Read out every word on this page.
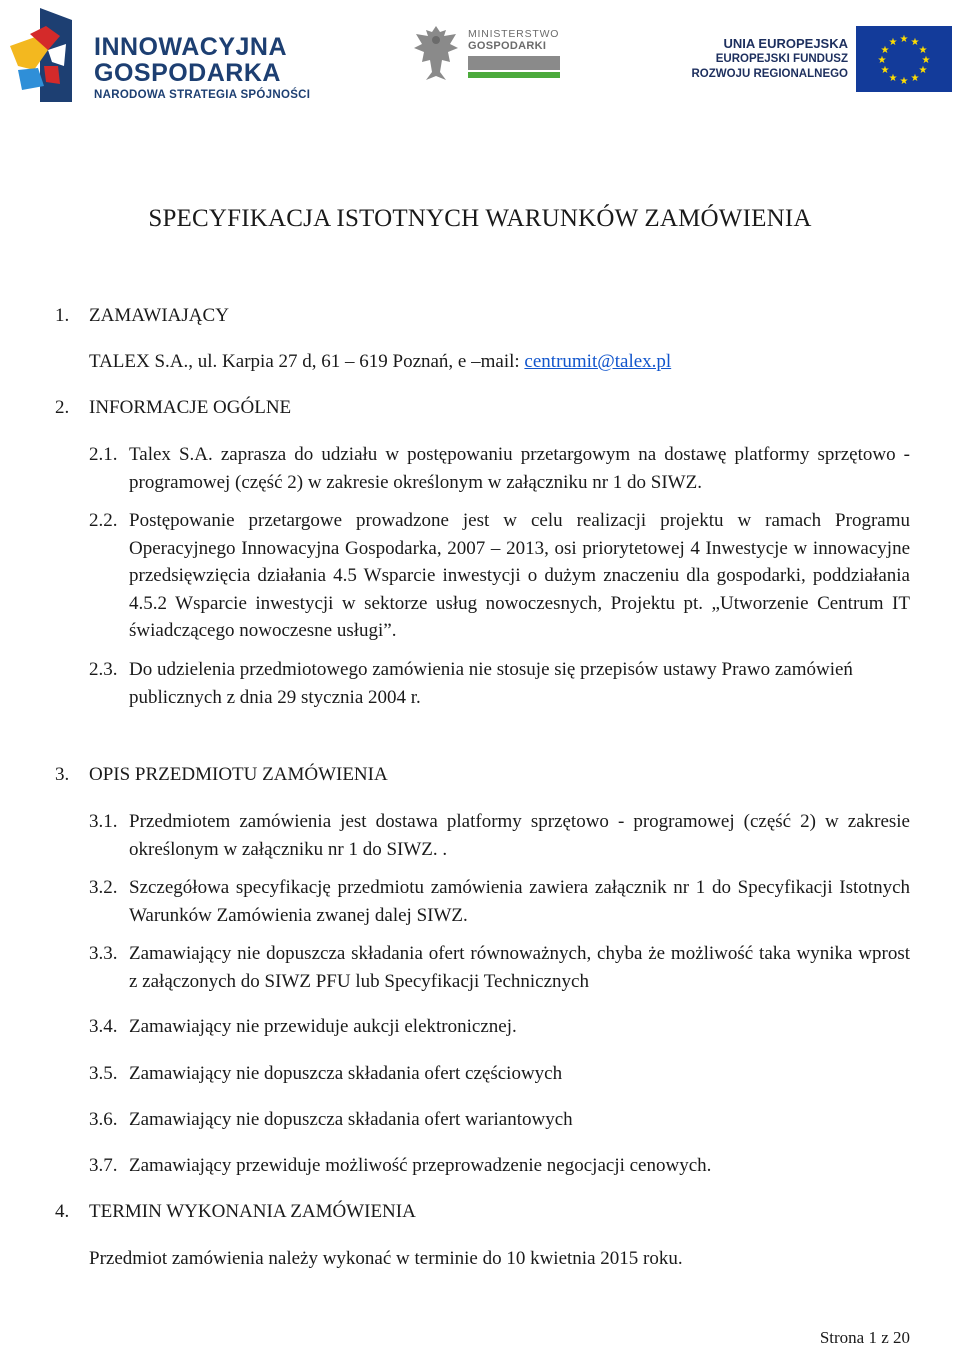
INNOWACYJNA
GOSPODARKA
NARODOWA STRATEGIA SPÓJNOŚCI
MINISTERSTWO
GOSPODARKI	UNIA EUROPEJSKA
EUROPEJSKI FUNDUSZ
ROZWOJU REGIONALNEGO
★ ★
★
★
★
★
★
★
★
★
★
★
SPECYFIKACJA ISTOTNYCH WARUNKÓW ZAMÓWIENIA
1. ZAMAWIAJĄCY
TALEX S.A., ul. Karpia 27 d, 61 – 619 Poznań, e –mail: centrumit@talex.pl
2. INFORMACJE OGÓLNE
2.1. Talex S.A. zaprasza do udziału w postępowaniu przetargowym na dostawę platformy sprzętowo - programowej (część 2) w zakresie określonym w załączniku nr 1 do SIWZ.
2.2. Postępowanie przetargowe prowadzone jest w celu realizacji projektu w ramach Programu Operacyjnego Innowacyjna Gospodarka, 2007 – 2013, osi priorytetowej 4 Inwestycje w innowacyjne przedsięwzięcia działania 4.5 Wsparcie inwestycji o dużym znaczeniu dla gospodarki, poddziałania 4.5.2 Wsparcie inwestycji w sektorze usług nowoczesnych, Projektu pt. „Utworzenie Centrum IT świadczącego nowoczesne usługi”.
2.3. Do udzielenia przedmiotowego zamówienia nie stosuje się przepisów ustawy Prawo zamówień publicznych z dnia 29 stycznia 2004 r.
3. OPIS PRZEDMIOTU ZAMÓWIENIA
3.1. Przedmiotem zamówienia jest dostawa platformy sprzętowo - programowej (część 2) w zakresie określonym w załączniku nr 1 do SIWZ. .
3.2. Szczegółowa specyfikację przedmiotu zamówienia zawiera załącznik nr 1 do Specyfikacji Istotnych Warunków Zamówienia zwanej dalej SIWZ.
3.3. Zamawiający nie dopuszcza składania ofert równoważnych, chyba że możliwość taka wynika wprost z załączonych do SIWZ PFU lub Specyfikacji Technicznych
3.4. Zamawiający nie przewiduje aukcji elektronicznej.
3.5. Zamawiający nie dopuszcza składania ofert częściowych
3.6. Zamawiający nie dopuszcza składania ofert wariantowych
3.7. Zamawiający przewiduje możliwość przeprowadzenie negocjacji cenowych.
4. TERMIN WYKONANIA ZAMÓWIENIA
Przedmiot zamówienia należy wykonać w terminie do 10 kwietnia 2015 roku.
Strona 1 z 20
